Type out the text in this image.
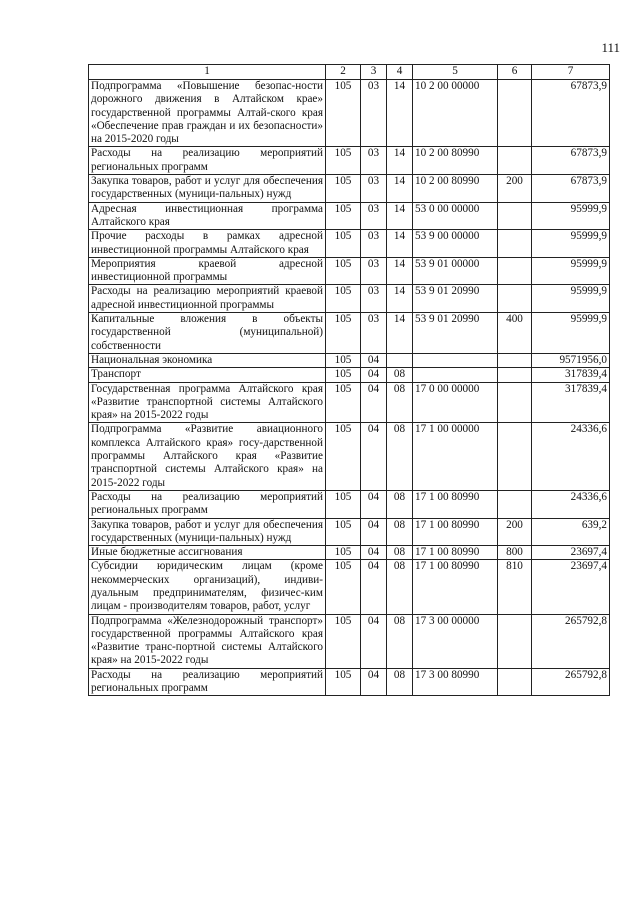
111
1	2	3	4	5	6	7
Подпрограмма «Повышение безопас-ности дорожного движения в Алтайском крае» государственной программы Алтай-ского края «Обеспечение прав граждан и их безопасности» на 2015-2020 годы	105	03	14	10 2 00 00000		67873,9
Расходы на реализацию мероприятий региональных программ	105	03	14	10 2 00 80990		67873,9
Закупка товаров, работ и услуг для обеспечения государственных (муници-пальных) нужд	105	03	14	10 2 00 80990	200	67873,9
Адресная инвестиционная программа Алтайского края	105	03	14	53 0 00 00000		95999,9
Прочие расходы в рамках адресной инвестиционной программы Алтайского края	105	03	14	53 9 00 00000		95999,9
Мероприятия краевой адресной инвестиционной программы	105	03	14	53 9 01 00000		95999,9
Расходы на реализацию мероприятий краевой адресной инвестиционной программы	105	03	14	53 9 01 20990		95999,9
Капитальные вложения в объекты государственной (муниципальной) собственности	105	03	14	53 9 01 20990	400	95999,9
Национальная экономика	105	04				9571956,0
Транспорт	105	04	08			317839,4
Государственная программа Алтайского края «Развитие транспортной системы Алтайского края» на 2015-2022 годы	105	04	08	17 0 00 00000		317839,4
Подпрограмма «Развитие авиационного комплекса Алтайского края» госу-дарственной программы Алтайского края «Развитие транспортной системы Алтайского края» на 2015-2022 годы	105	04	08	17 1 00 00000		24336,6
Расходы на реализацию мероприятий региональных программ	105	04	08	17 1 00 80990		24336,6
Закупка товаров, работ и услуг для обеспечения государственных (муници-пальных) нужд	105	04	08	17 1 00 80990	200	639,2
Иные бюджетные ассигнования	105	04	08	17 1 00 80990	800	23697,4
Субсидии юридическим лицам (кроме некоммерческих организаций), индиви-дуальным предпринимателям, физичес-ким лицам - производителям товаров, работ, услуг	105	04	08	17 1 00 80990	810	23697,4
Подпрограмма «Железнодорожный транспорт» государственной программы Алтайского края «Развитие транс-портной системы Алтайского края» на 2015-2022 годы	105	04	08	17 3 00 00000		265792,8
Расходы на реализацию мероприятий региональных программ	105	04	08	17 3 00 80990		265792,8
